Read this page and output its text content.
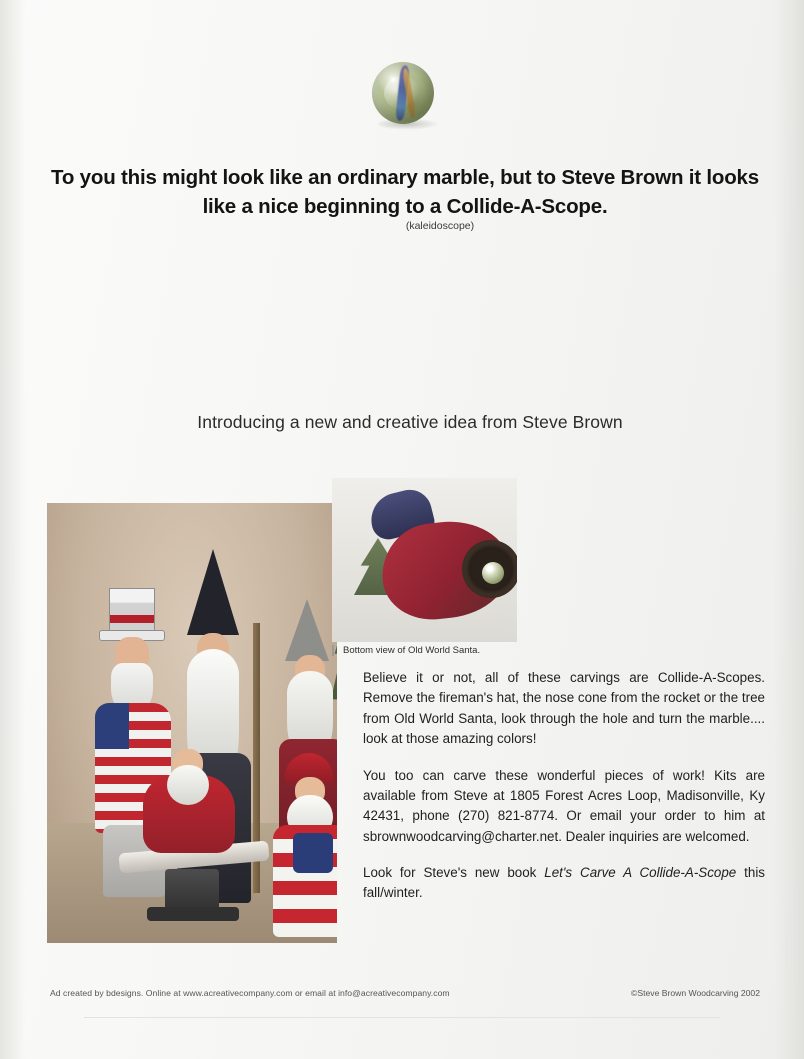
To you this might look like an ordinary marble, but to Steve Brown it looks like a nice beginning to a Collide-A-Scope.
(kaleidoscope)
Introducing a new and creative idea from Steve Brown
Bottom view of Old World Santa.

Believe it or not, all of these carvings are Collide-A-Scopes. Remove the fireman's hat, the nose cone from the rocket or the tree from Old World Santa, look through the hole and turn the marble.... look at those amazing colors!

You too can carve these wonderful pieces of work! Kits are available from Steve at 1805 Forest Acres Loop, Madisonville, Ky 42431, phone (270) 821-8774. Or email your order to him at sbrownwoodcarving@charter.net. Dealer inquiries are welcomed.

Look for Steve's new book Let's Carve A Collide-A-Scope this fall/winter.

Ad created by bdesigns. Online at www.acreativecompany.com or email at info@acreativecompany.com	©Steve Brown Woodcarving 2002
